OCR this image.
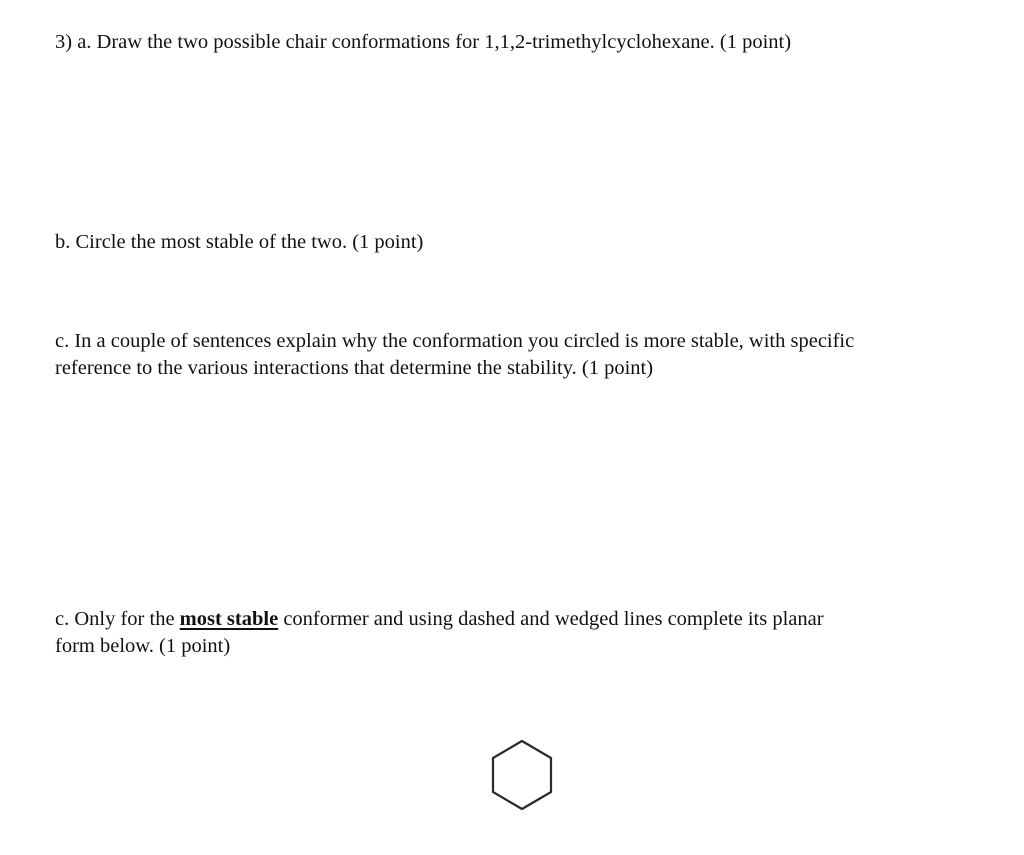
3) a. Draw the two possible chair conformations for 1,1,2-trimethylcyclohexane. (1 point)

b. Circle the most stable of the two. (1 point)

c. In a couple of sentences explain why the conformation you circled is more stable, with specific
reference to the various interactions that determine the stability. (1 point)

c. Only for the most stable conformer and using dashed and wedged lines complete its planar
form below. (1 point)
